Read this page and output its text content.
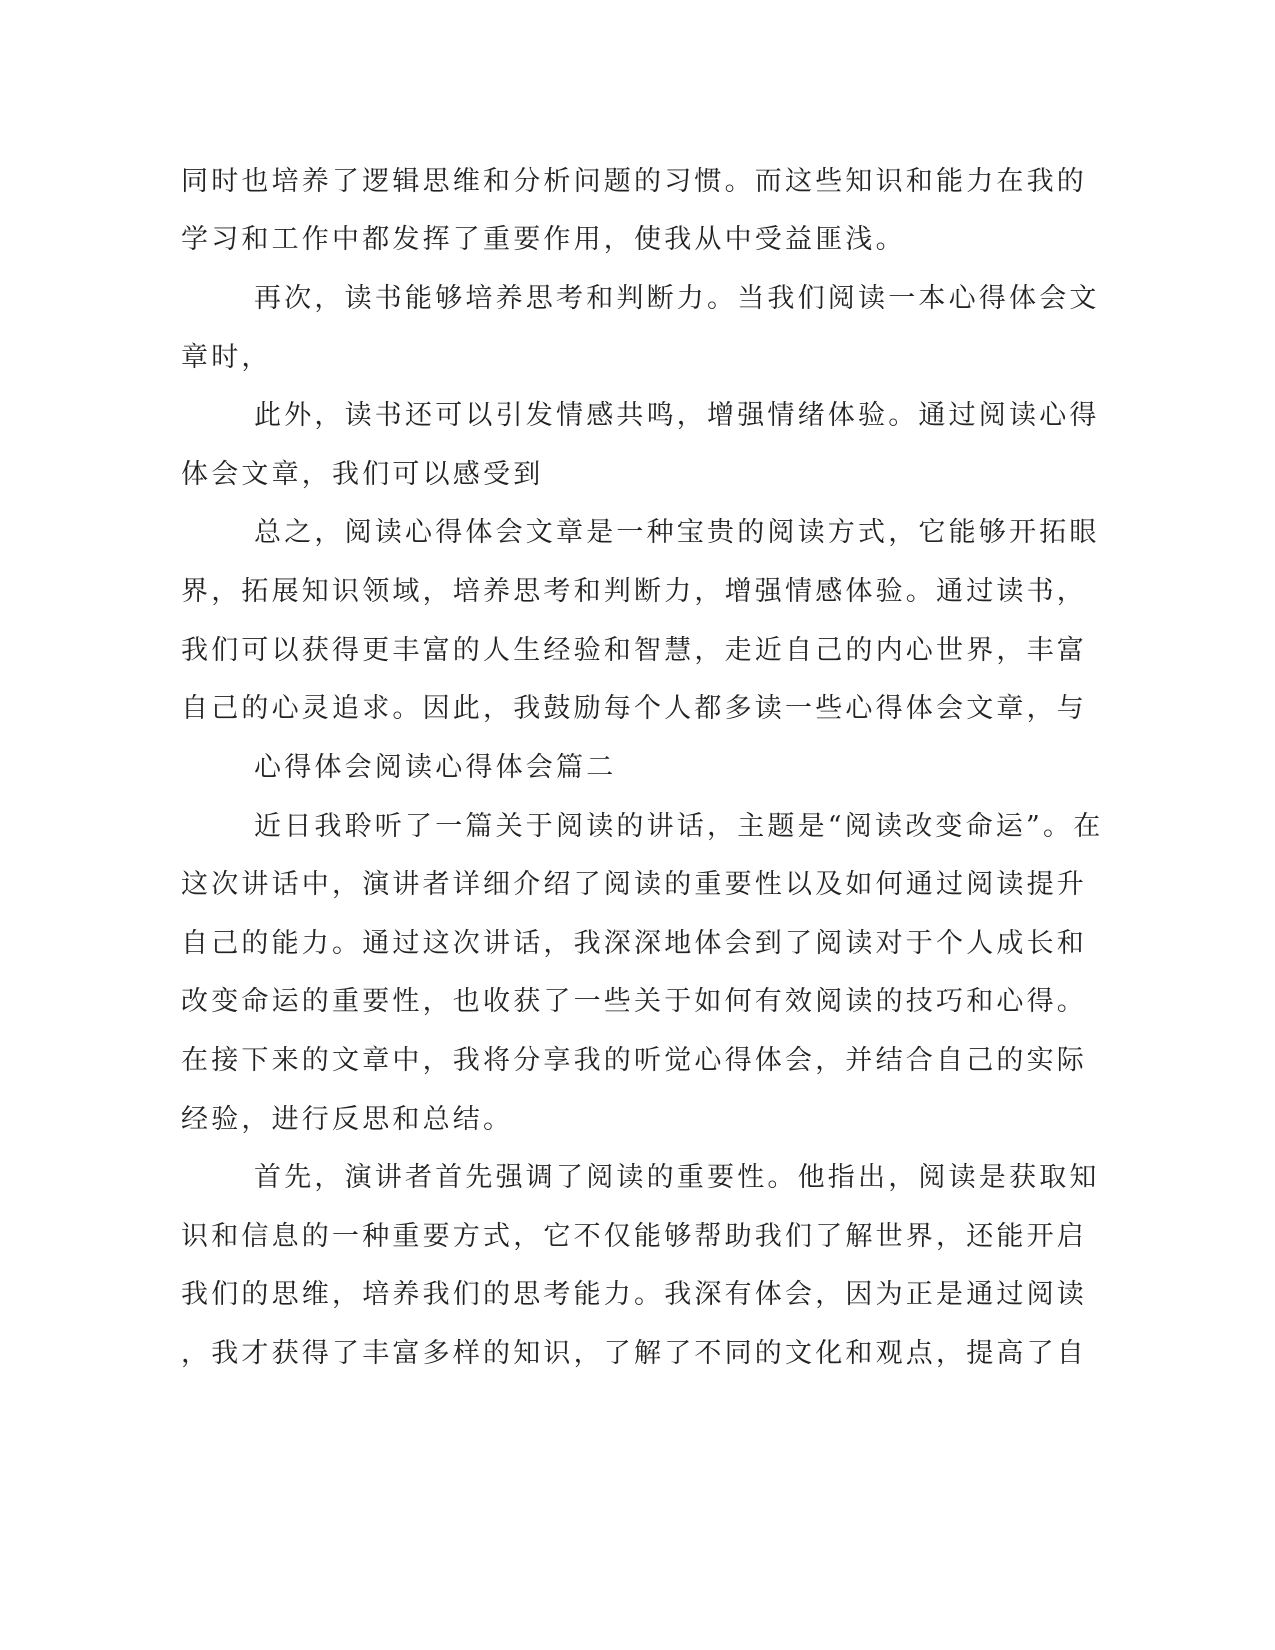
同时也培养了逻辑思维和分析问题的习惯。而这些知识和能力在我的
学习和工作中都发挥了重要作用，使我从中受益匪浅。
再次，读书能够培养思考和判断力。当我们阅读一本心得体会文
章时，
此外，读书还可以引发情感共鸣，增强情绪体验。通过阅读心得
体会文章，我们可以感受到
总之，阅读心得体会文章是一种宝贵的阅读方式，它能够开拓眼
界，拓展知识领域，培养思考和判断力，增强情感体验。通过读书，
我们可以获得更丰富的人生经验和智慧，走近自己的内心世界，丰富
自己的心灵追求。因此，我鼓励每个人都多读一些心得体会文章，与
心得体会阅读心得体会篇二
近日我聆听了一篇关于阅读的讲话，主题是“阅读改变命运”。在
这次讲话中，演讲者详细介绍了阅读的重要性以及如何通过阅读提升
自己的能力。通过这次讲话，我深深地体会到了阅读对于个人成长和
改变命运的重要性，也收获了一些关于如何有效阅读的技巧和心得。
在接下来的文章中，我将分享我的听觉心得体会，并结合自己的实际
经验，进行反思和总结。
首先，演讲者首先强调了阅读的重要性。他指出，阅读是获取知
识和信息的一种重要方式，它不仅能够帮助我们了解世界，还能开启
我们的思维，培养我们的思考能力。我深有体会，因为正是通过阅读
，我才获得了丰富多样的知识，了解了不同的文化和观点，提高了自
